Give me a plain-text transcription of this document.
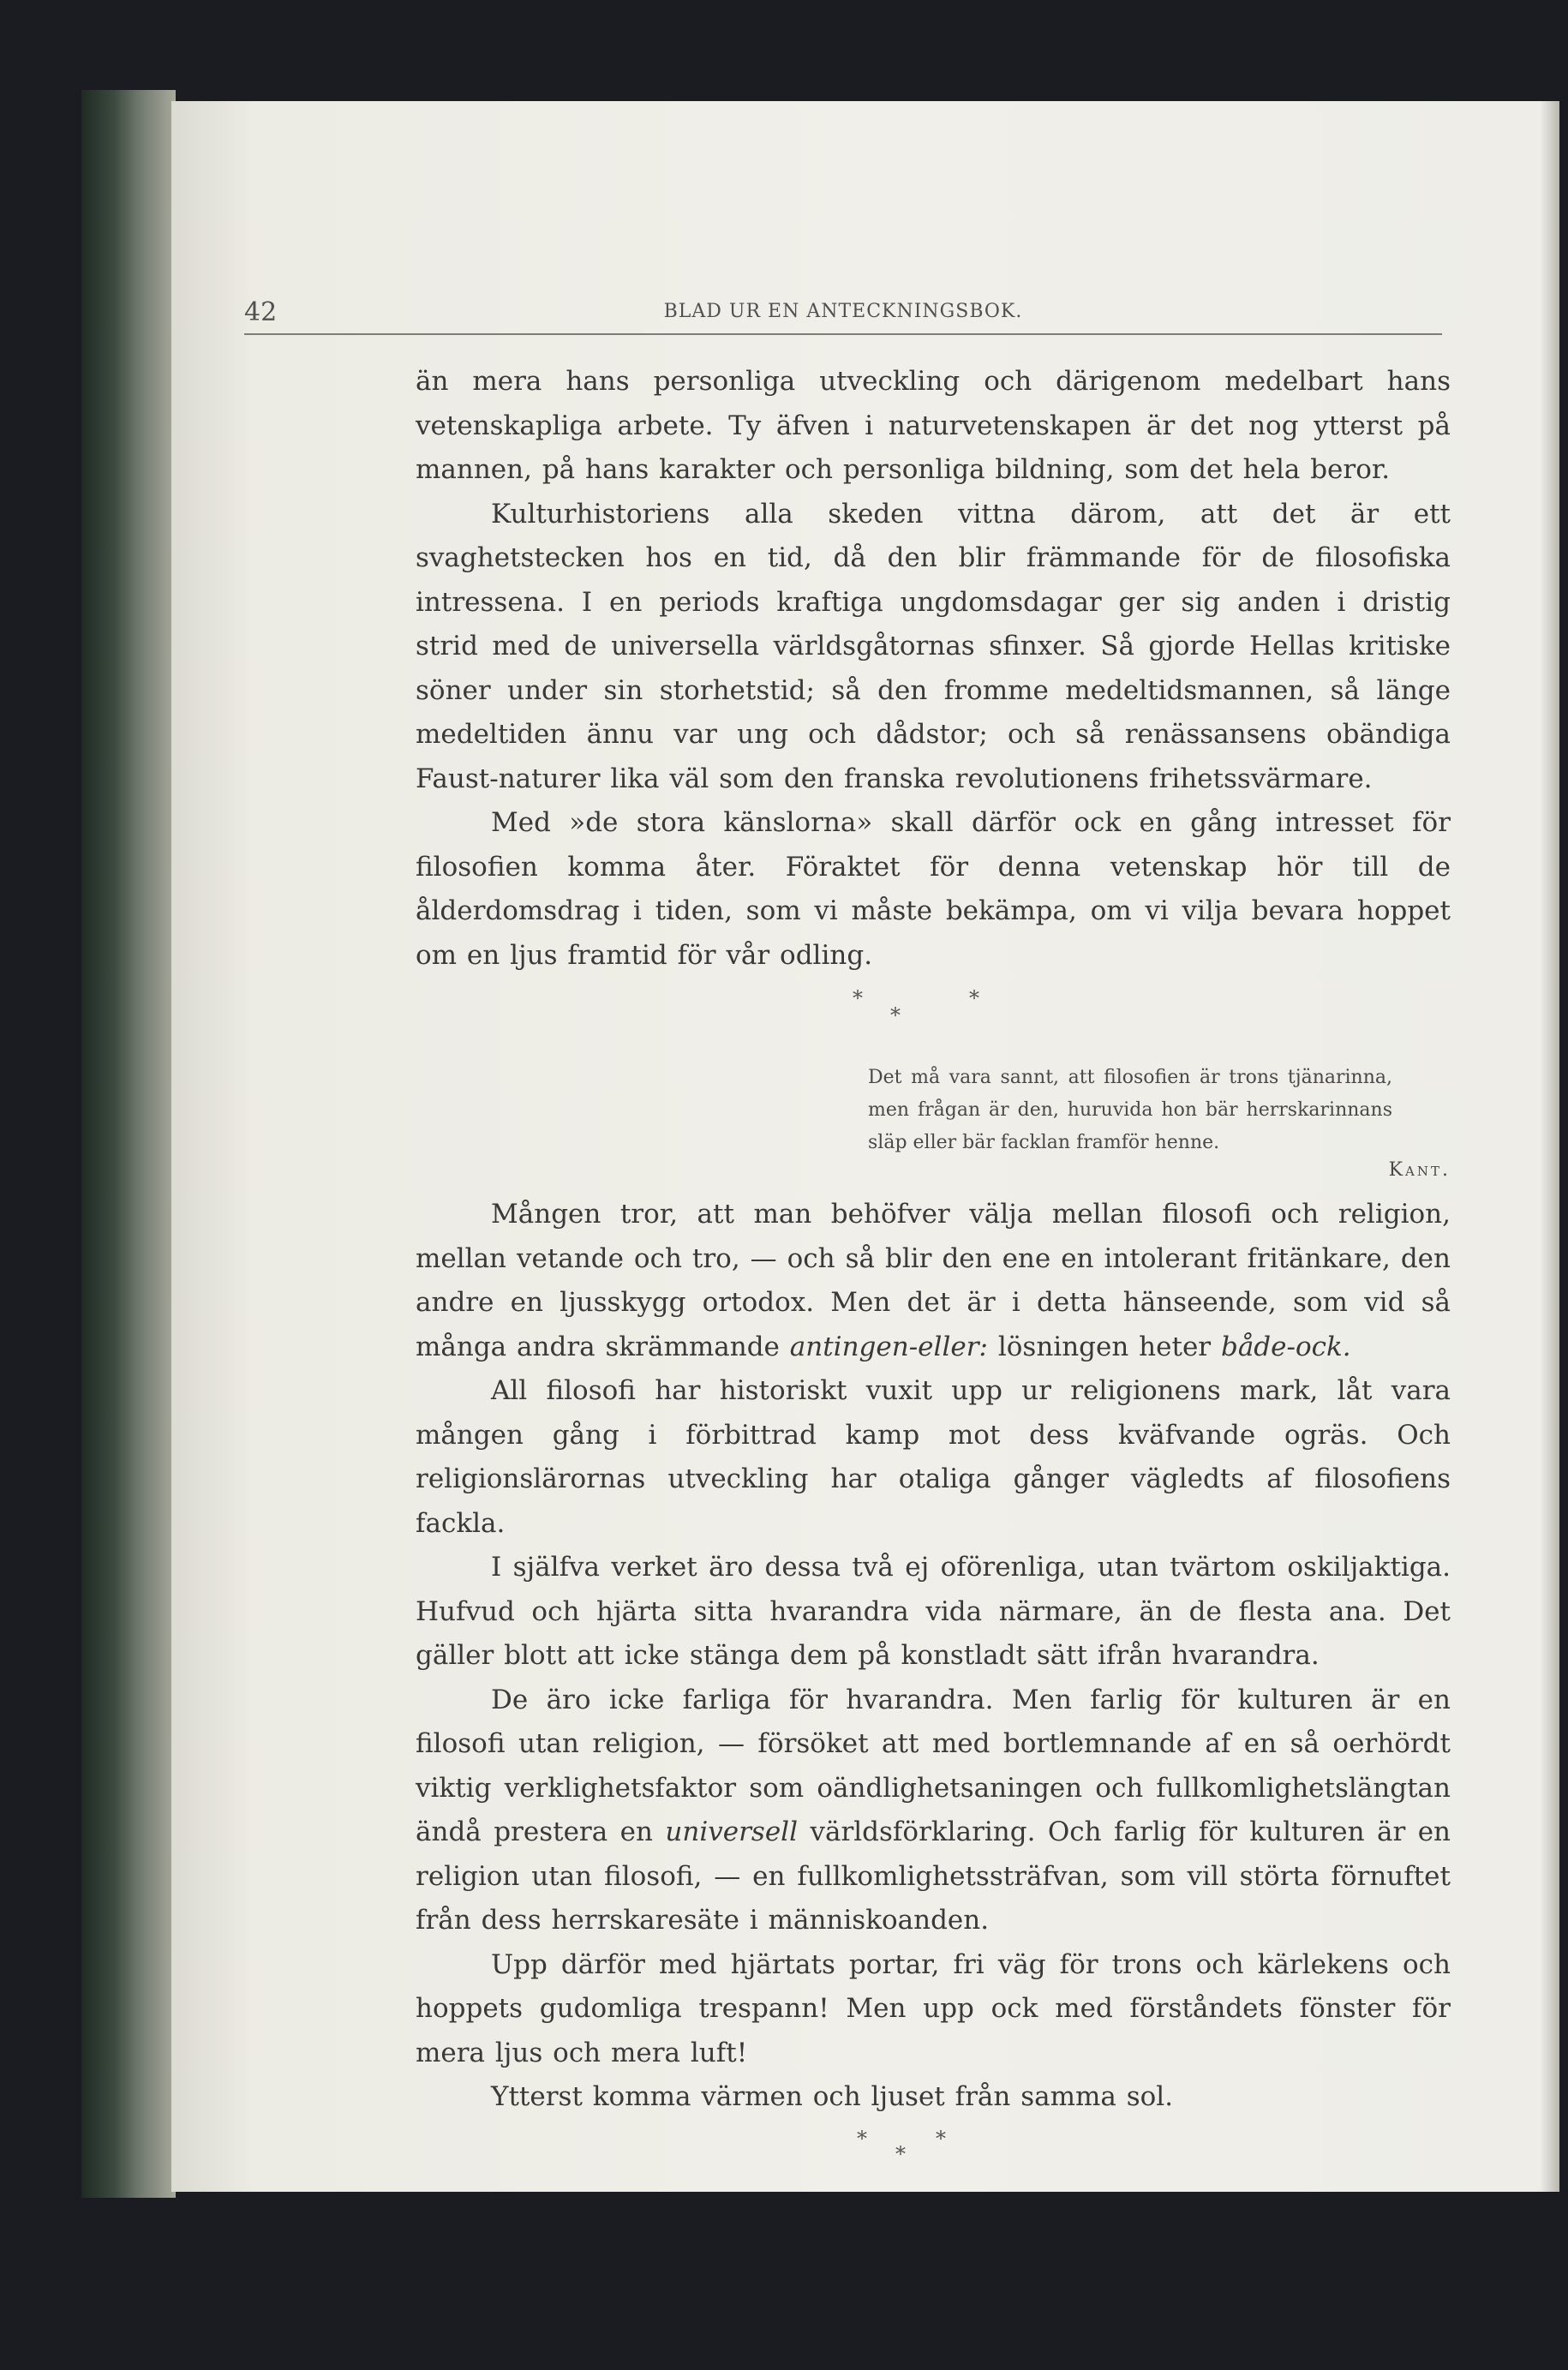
42	BLAD UR EN ANTECKNINGSBOK.

än mera hans personliga utveckling och därigenom medelbart hans vetenskapliga arbete. Ty äfven i naturvetenskapen är det nog ytterst på mannen, på hans karakter och personliga bildning, som det hela beror.

Kulturhistoriens alla skeden vittna därom, att det är ett svaghetstecken hos en tid, då den blir främmande för de filosofiska intressena. I en periods kraftiga ungdomsdagar ger sig anden i dristig strid med de universella världsgåtornas sfinxer. Så gjorde Hellas kritiske söner under sin storhetstid; så den fromme medeltidsmannen, så länge medeltiden ännu var ung och dådstor; och så renässansens obändiga Faust-naturer lika väl som den franska revolutionens frihetssvärmare.

Med »de stora känslorna» skall därför ock en gång intresset för filosofien komma åter. Föraktet för denna vetenskap hör till de ålderdomsdrag i tiden, som vi måste bekämpa, om vi vilja bevara hoppet om en ljus framtid för vår odling.

*
*
*

Det må vara sannt, att filosofien är trons tjänarinna, men frågan är den, huruvida hon bär herrskarinnans släp eller bär facklan framför henne.

Kant.

Mången tror, att man behöfver välja mellan filosofi och religion, mellan vetande och tro, — och så blir den ene en intolerant fritänkare, den andre en ljusskygg ortodox. Men det är i detta hänseende, som vid så många andra skrämmande antingen-eller: lösningen heter både-ock.

All filosofi har historiskt vuxit upp ur religionens mark, låt vara mången gång i förbittrad kamp mot dess kväfvande ogräs. Och religionslärornas utveckling har otaliga gånger vägledts af filosofiens fackla.

I själfva verket äro dessa två ej oförenliga, utan tvärtom oskiljaktiga. Hufvud och hjärta sitta hvarandra vida närmare, än de flesta ana. Det gäller blott att icke stänga dem på konstladt sätt ifrån hvarandra.

De äro icke farliga för hvarandra. Men farlig för kulturen är en filosofi utan religion, — försöket att med bortlemnande af en så oerhördt viktig verklighetsfaktor som oändlighetsaningen och fullkomlighetslängtan ändå prestera en universell världsförklaring. Och farlig för kulturen är en religion utan filosofi, — en fullkomlighetssträfvan, som vill störta förnuftet från dess herrskaresäte i människoanden.

Upp därför med hjärtats portar, fri väg för trons och kärlekens och hoppets gudomliga trespann! Men upp ock med förståndets fönster för mera ljus och mera luft!

Ytterst komma värmen och ljuset från samma sol.

*
*
*
